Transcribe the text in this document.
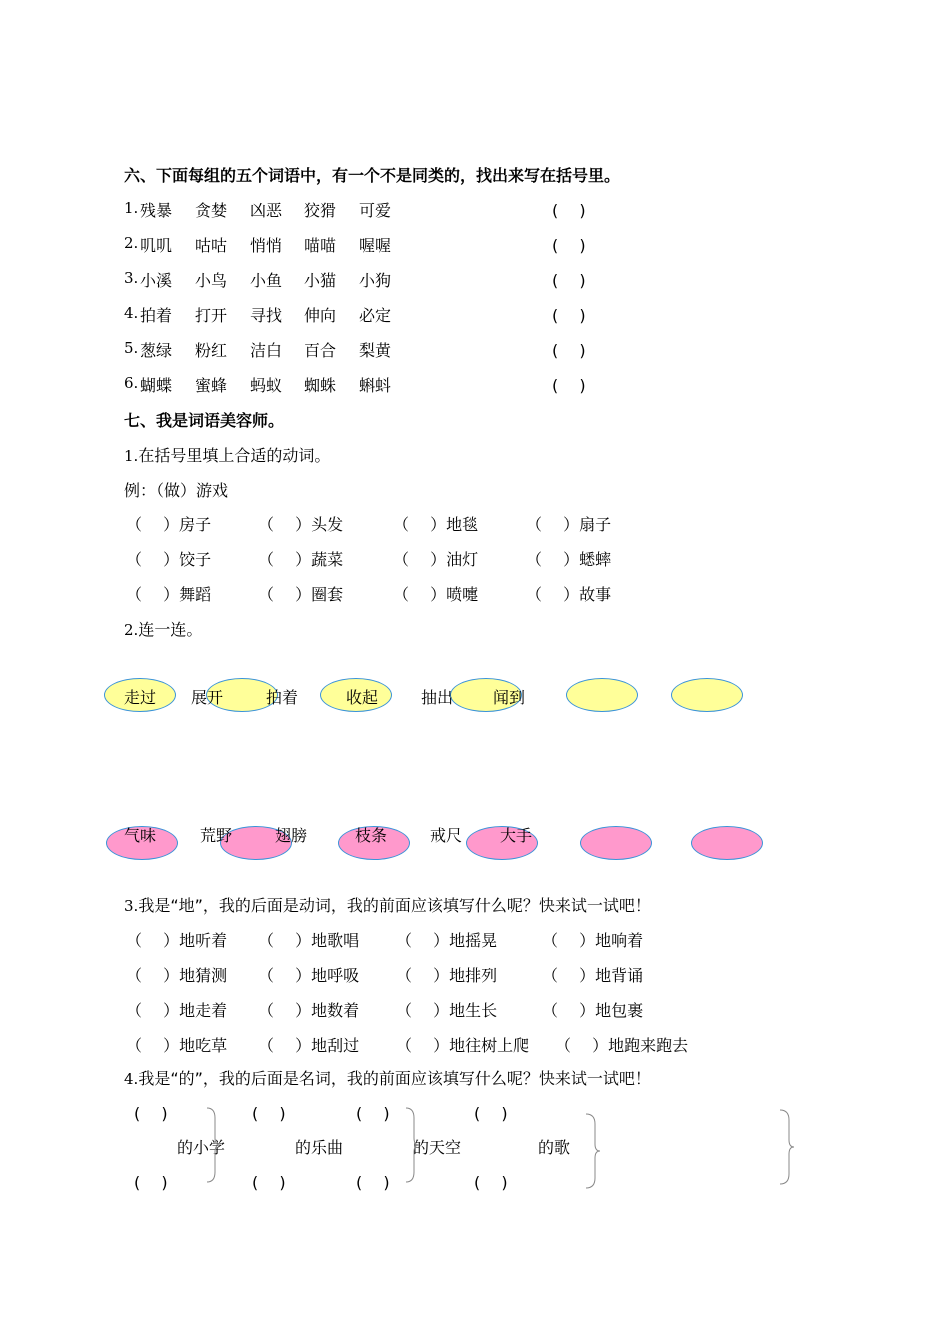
六、下面每组的五个词语中，有一个不是同类的，找出来写在括号里。
1. 残暴 贪婪 凶恶 狡猾 可爱	(　 )
2. 叽叽 咕咕 悄悄 喵喵 喔喔	(　 )
3. 小溪 小鸟 小鱼 小猫 小狗	(　 )
4. 拍着 打开 寻找 伸向 必定	(　 )
5. 葱绿 粉红 洁白 百合 梨黄	(　 )
6. 蝴蝶 蜜蜂 蚂蚁 蜘蛛 蝌蚪	(　 )
七、我是词语美容师。
1.在括号里填上合适的动词。
例：（做）游戏
（　 ）房子	（　 ）头发	（　 ）地毯	（　 ）扇子
（　 ）饺子	（　 ）蔬菜	（　 ）油灯	（　 ）蟋蟀
（　 ）舞蹈	（　 ）圈套	（　 ）喷嚏	（　 ）故事
2.连一连。
走过 展开	拍着	收起	抽出 闻到
气味	荒野	翅膀	枝条	戒尺 大手
3.我是“地”，我的后面是动词，我的前面应该填写什么呢？快来试一试吧！
（　 ）地听着 （　 ）地歌唱 （　 ）地摇晃	（　 ）地响着
（　 ）地猜测 （　 ）地呼吸 （　 ）地排列	（　 ）地背诵
（　 ）地走着 （　 ）地数着 （　 ）地生长	（　 ）地包裹
（　 ）地吃草 （　 ）地刮过 （　 ）地往树上爬 （　 ）地跑来跑去
4.我是“的”，我的后面是名词，我的前面应该填写什么呢？快来试一试吧！
(　 )	(　 )	(　 )	(　 )
的小学	的乐曲	的天空	的歌
(　 )	(　 )	(　 )	(　 )
